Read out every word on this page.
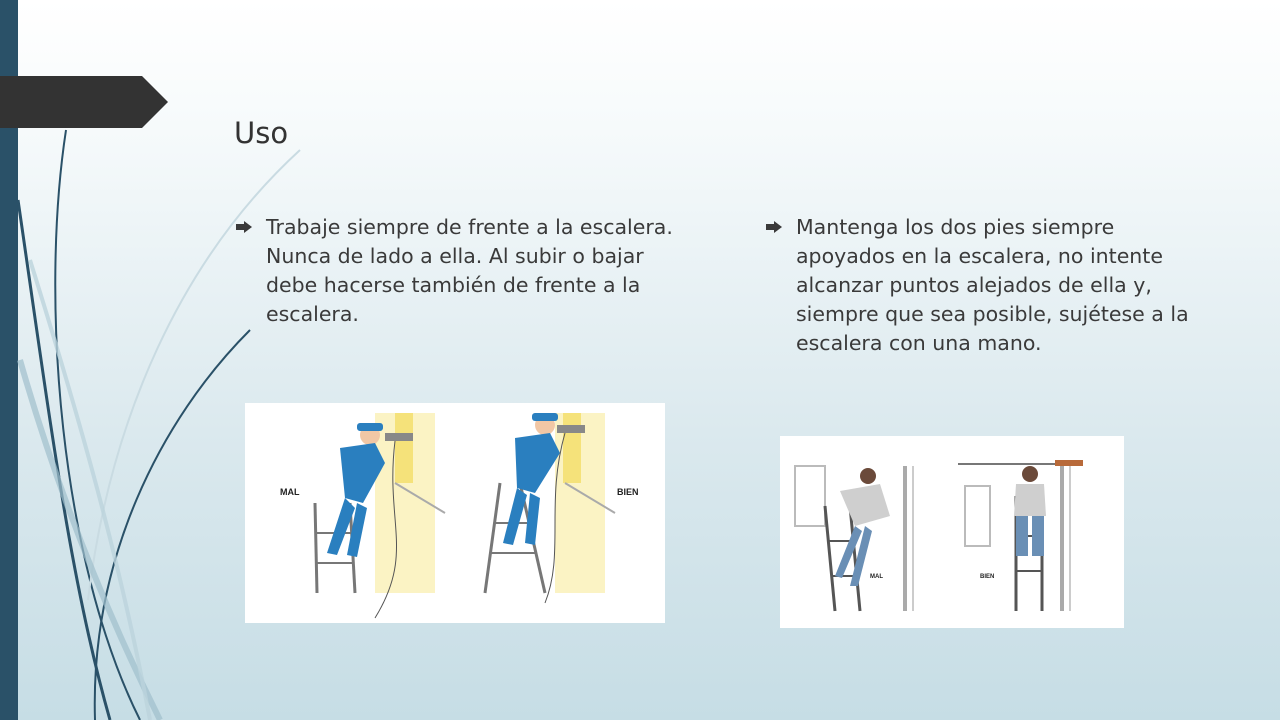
Uso
Trabaje siempre de frente a la escalera. Nunca de lado a ella. Al subir o bajar debe hacerse también de frente a la escalera.
Mantenga los dos pies siempre apoyados en la escalera, no intente alcanzar puntos alejados de ella y, siempre que sea posible, sujétese a la escalera con una mano.
MAL	BIEN
MAL	BIEN
